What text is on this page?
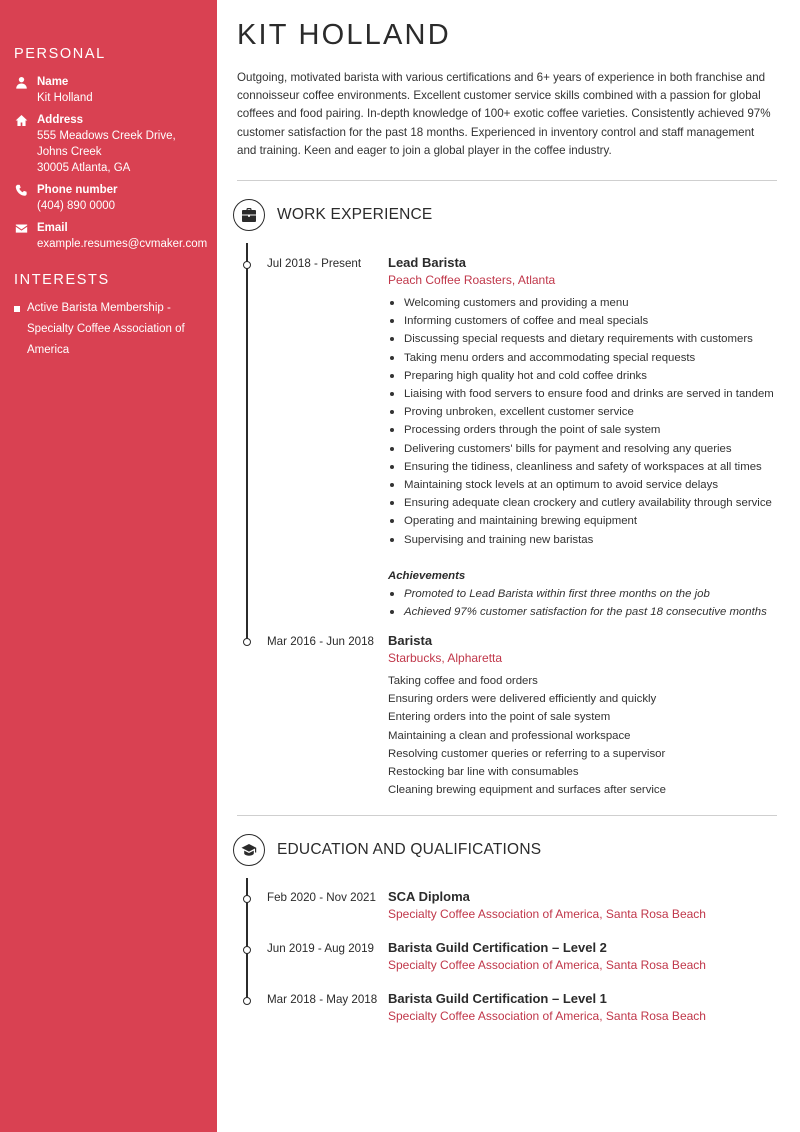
PERSONAL
Name
Kit Holland
Address
555 Meadows Creek Drive, Johns Creek
30005 Atlanta, GA
Phone number
(404) 890 0000
Email
example.resumes@cvmaker.com
INTERESTS
Active Barista Membership - Specialty Coffee Association of America
KIT HOLLAND
Outgoing, motivated barista with various certifications and 6+ years of experience in both franchise and connoisseur coffee environments. Excellent customer service skills combined with a passion for global coffees and food pairing. In-depth knowledge of 100+ exotic coffee varieties. Consistently achieved 97% customer satisfaction for the past 18 months. Experienced in inventory control and staff management and training. Keen and eager to join a global player in the coffee industry.
WORK EXPERIENCE
Jul 2018 - Present Lead Barista
Peach Coffee Roasters, Atlanta
Welcoming customers and providing a menu
Informing customers of coffee and meal specials
Discussing special requests and dietary requirements with customers
Taking menu orders and accommodating special requests
Preparing high quality hot and cold coffee drinks
Liaising with food servers to ensure food and drinks are served in tandem
Proving unbroken, excellent customer service
Processing orders through the point of sale system
Delivering customers' bills for payment and resolving any queries
Ensuring the tidiness, cleanliness and safety of workspaces at all times
Maintaining stock levels at an optimum to avoid service delays
Ensuring adequate clean crockery and cutlery availability through service
Operating and maintaining brewing equipment
Supervising and training new baristas
Achievements
Promoted to Lead Barista within first three months on the job
Achieved 97% customer satisfaction for the past 18 consecutive months
Mar 2016 - Jun 2018 Barista
Starbucks, Alpharetta
Taking coffee and food orders
Ensuring orders were delivered efficiently and quickly
Entering orders into the point of sale system
Maintaining a clean and professional workspace
Resolving customer queries or referring to a supervisor
Restocking bar line with consumables
Cleaning brewing equipment and surfaces after service
EDUCATION AND QUALIFICATIONS
Feb 2020 - Nov 2021 SCA Diploma
Specialty Coffee Association of America, Santa Rosa Beach
Jun 2019 - Aug 2019 Barista Guild Certification – Level 2
Specialty Coffee Association of America, Santa Rosa Beach
Mar 2018 - May 2018 Barista Guild Certification – Level 1
Specialty Coffee Association of America, Santa Rosa Beach
